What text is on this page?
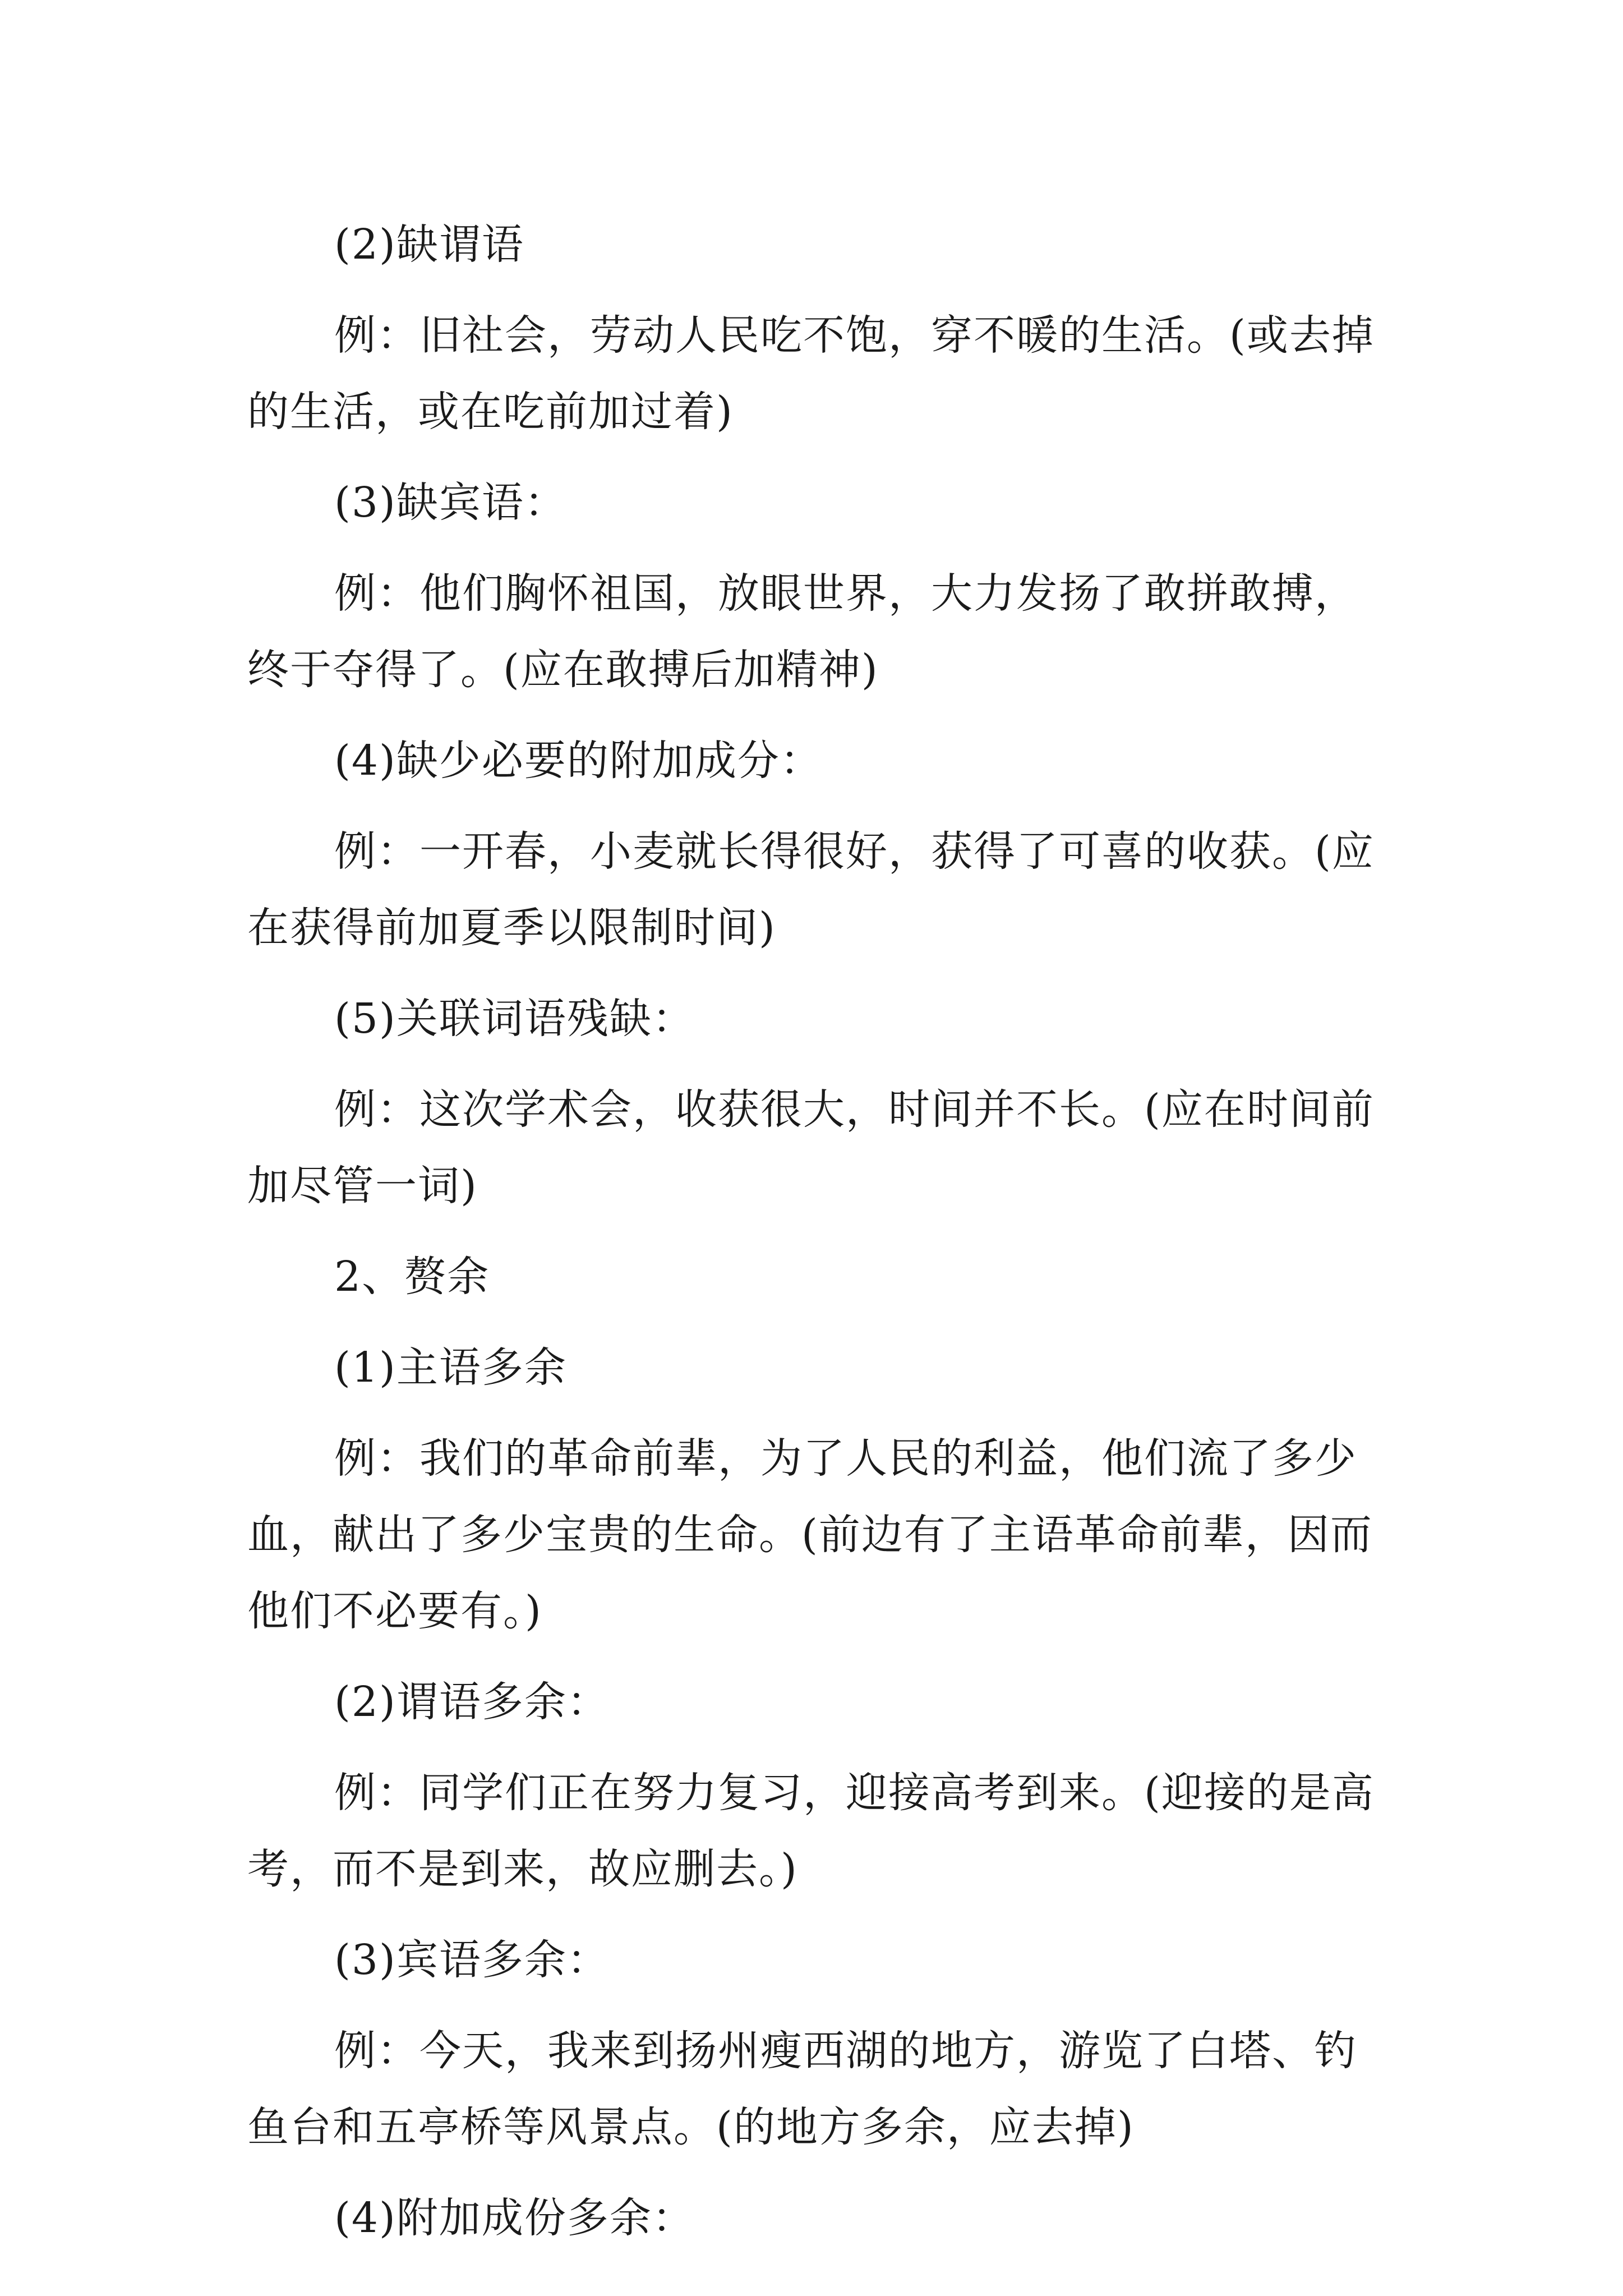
(2)缺谓语

例：旧社会，劳动人民吃不饱，穿不暖的生活。(或去掉的生活，或在吃前加过着)

(3)缺宾语：

例：他们胸怀祖国，放眼世界，大力发扬了敢拼敢搏，终于夺得了。(应在敢搏后加精神)

(4)缺少必要的附加成分：

例：一开春，小麦就长得很好，获得了可喜的收获。(应在获得前加夏季以限制时间)

(5)关联词语残缺：

例：这次学术会，收获很大，时间并不长。(应在时间前加尽管一词)

2、赘余

(1)主语多余

例：我们的革命前辈，为了人民的利益，他们流了多少血，献出了多少宝贵的生命。(前边有了主语革命前辈，因而他们不必要有。)

(2)谓语多余：

例：同学们正在努力复习，迎接高考到来。(迎接的是高考，而不是到来，故应删去。)

(3)宾语多余：

例：今天，我来到扬州瘦西湖的地方，游览了白塔、钓鱼台和五亭桥等风景点。(的地方多余，应去掉)

(4)附加成份多余：
